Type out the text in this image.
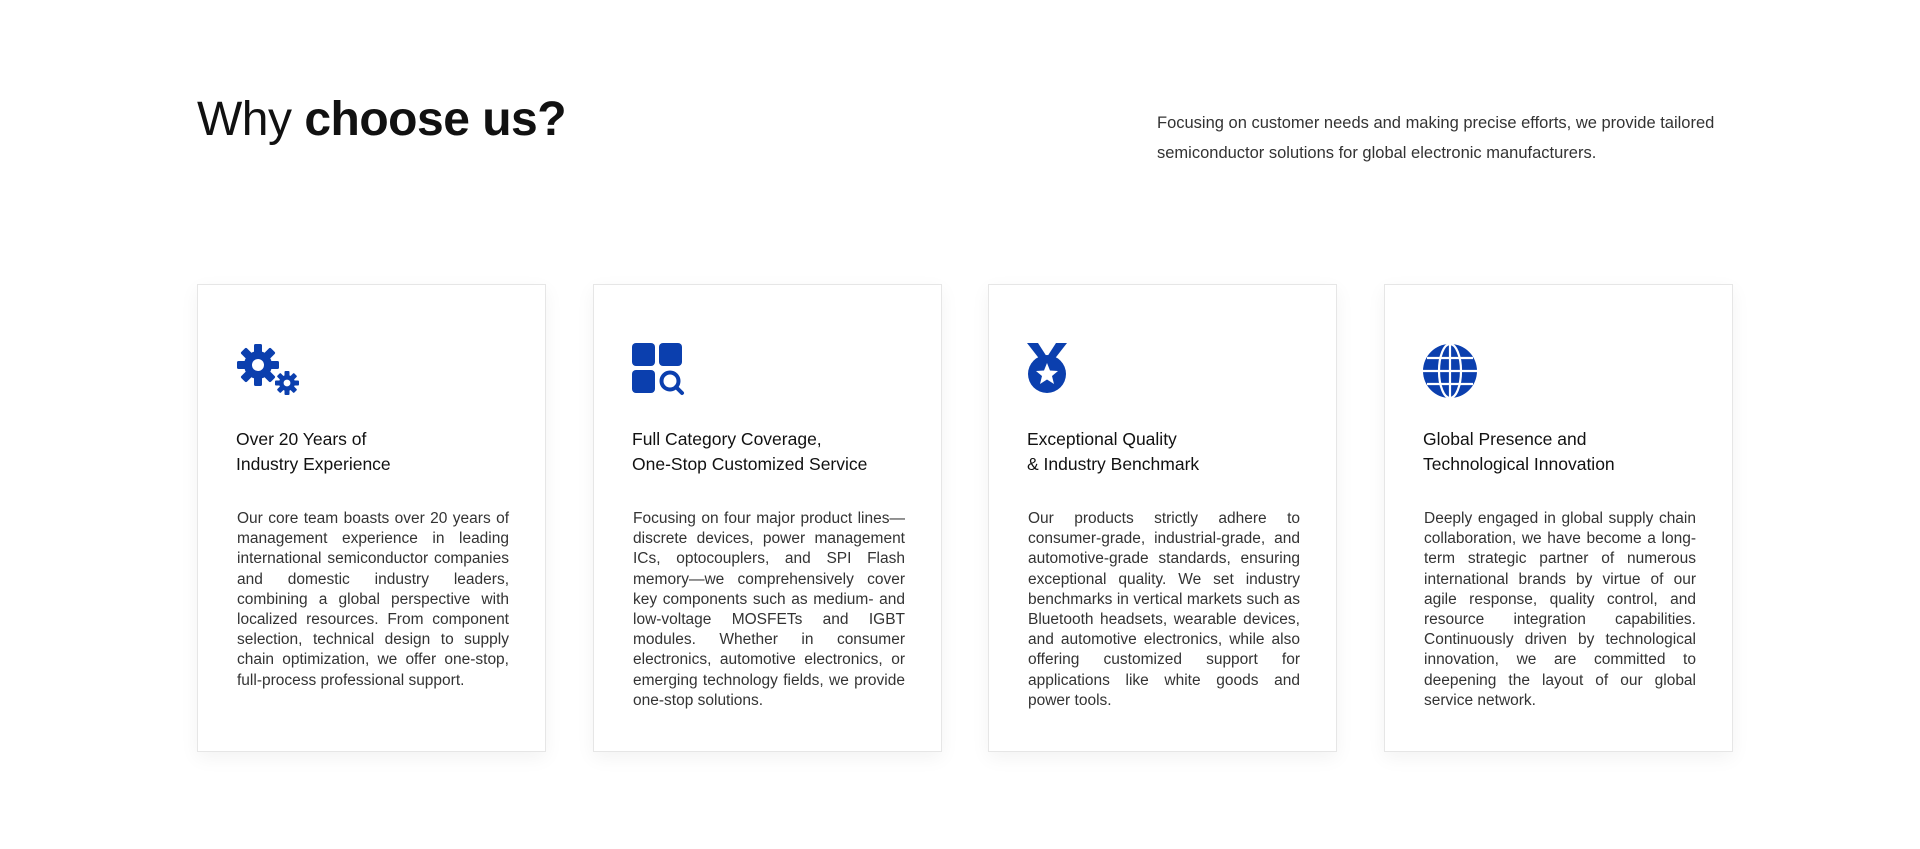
Why choose us?	Focusing on customer needs and making precise efforts, we provide tailored semiconductor solutions for global electronic manufacturers.

Over 20 Years of
Industry Experience

Our core team boasts over 20 years of management experience in leading international semiconductor companies and domestic industry leaders, combining a global perspective with localized resources. From component selection, technical design to supply chain optimization, we offer one-stop, full-process professional support.

Full Category Coverage,
One-Stop Customized Service

Focusing on four major product lines—discrete devices, power management ICs, optocouplers, and SPI Flash memory—we comprehensively cover key components such as medium- and low-voltage MOSFETs and IGBT modules. Whether in consumer electronics, automotive electronics, or emerging technology fields, we provide one-stop solutions.

Exceptional Quality
& Industry Benchmark

Our products strictly adhere to consumer-grade, industrial-grade, and automotive-grade standards, ensuring exceptional quality. We set industry benchmarks in vertical markets such as Bluetooth headsets, wearable devices, and automotive electronics, while also offering customized support for applications like white goods and power tools.

Global Presence and
Technological Innovation

Deeply engaged in global supply chain collaboration, we have become a long-term strategic partner of numerous international brands by virtue of our agile response, quality control, and resource integration capabilities. Continuously driven by technological innovation, we are committed to deepening the layout of our global service network.
